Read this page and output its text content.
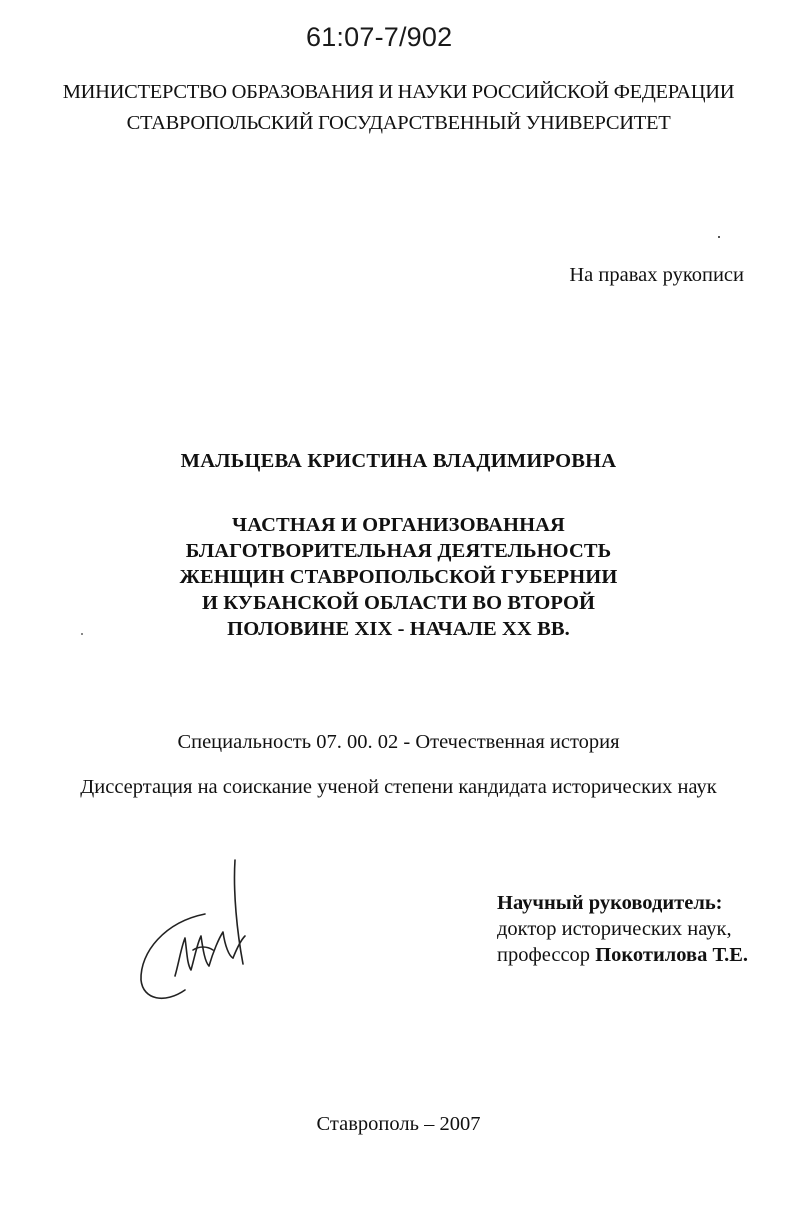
61:07-7/902
МИНИСТЕРСТВО ОБРАЗОВАНИЯ И НАУКИ РОССИЙСКОЙ ФЕДЕРАЦИИ
СТАВРОПОЛЬСКИЙ ГОСУДАРСТВЕННЫЙ УНИВЕРСИТЕТ
На правах рукописи
МАЛЬЦЕВА КРИСТИНА ВЛАДИМИРОВНА
ЧАСТНАЯ И ОРГАНИЗОВАННАЯ
БЛАГОТВОРИТЕЛЬНАЯ ДЕЯТЕЛЬНОСТЬ
ЖЕНЩИН СТАВРОПОЛЬСКОЙ ГУБЕРНИИ
И КУБАНСКОЙ ОБЛАСТИ ВО ВТОРОЙ
ПОЛОВИНЕ XIX - НАЧАЛЕ XX ВВ.
Специальность 07. 00. 02 - Отечественная история
Диссертация на соискание ученой степени кандидата исторических наук
Научный руководитель:
доктор исторических наук,
профессор Покотилова Т.Е.
Ставрополь – 2007
